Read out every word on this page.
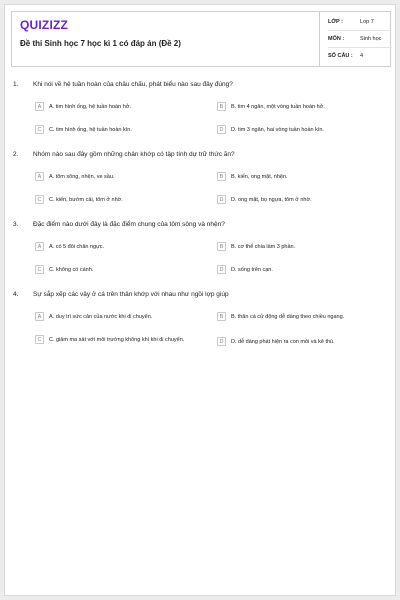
QUIZIZZ
Đề thi Sinh học 7 học kì 1 có đáp án (Đề 2)
LỚP :	Lop 7
MÔN :	Sinh học
SỐ CÂU :	4
1. Khi nói về hệ tuần hoàn của châu chấu, phát biểu nào sau đây đúng?
A	A. tim hình ống, hệ tuần hoàn hở.	B	B. tim 4 ngăn, một vòng tuần hoàn hở.
C	C. tim hình ống, hệ tuần hoàn kín.	D	D. tim 3 ngăn, hai vòng tuần hoàn kín.
2. Nhóm nào sau đây gồm những chân khớp có tập tính dự trữ thức ăn?
A	A. tôm sông, nhện, ve sầu.	B	B. kiến, ong mật, nhện.
C	C. kiến, bướm cải, tôm ở nhờ.	D	D. ong mật, bọ ngựa, tôm ở nhờ.
3. Đặc điểm nào dưới đây là đặc điểm chung của tôm sông và nhện?
A	A. có 5 đôi chân ngực.	B	B. cơ thể chia làm 3 phần.
C	C. không có cánh.	D	D. sống trên cạn.
4. Sự sắp xếp các vây ở cá trên thân khớp với nhau như ngồi lợp giúp
A	A. duy trì sức cản của nước khi di chuyển.	B	B. thân cá cử động dễ dàng theo chiều ngang.
C	C. giảm ma sát với môi trường không khí khi di chuyển.	D	D. dễ dàng phát hiện ra con mồi và kẻ thù.
